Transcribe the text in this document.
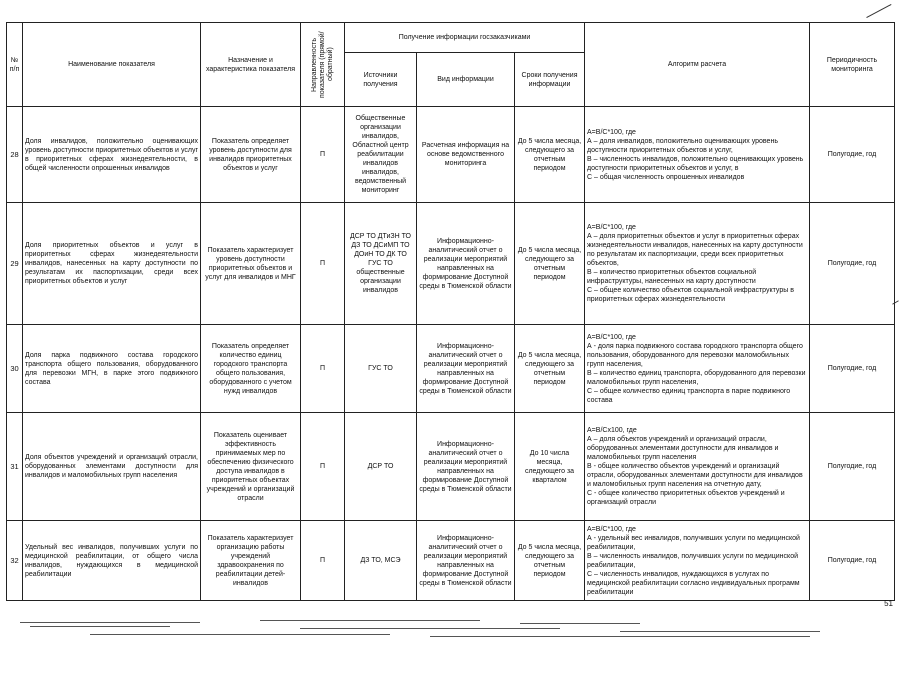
№ п/п	Наименование показателя	Назначение и характеристика показателя	Направленность показателя (прямой/обратный)	Получение информации госзаказчиками			Алгоритм расчета	Периодичность мониторинга
				Источники получения	Вид информации	Сроки получения информации		
28	Доля инвалидов, положительно оценивающих уровень доступности приоритетных объектов и услуг в приоритетных сферах жизнедеятельности, в общей численности опрошенных инвалидов	Показатель определяет уровень доступности для инвалидов приоритетных объектов и услуг	П	Общественные организации инвалидов, Областной центр реабилитации инвалидов инвалидов, ведомственный мониторинг	Расчетная информация на основе ведомственного мониторинга	До 5 числа месяца, следующего за отчетным периодом	А=В/С*100, где
А – доля инвалидов, положительно оценивающих уровень доступности приоритетных объектов и услуг,
В – численность инвалидов, положительно оценивающих уровень доступности приоритетных объектов и услуг, в
С – общая численность опрошенных инвалидов	Полугодие, год
29	Доля приоритетных объектов и услуг в приоритетных сферах жизнедеятельности инвалидов, нанесенных на карту доступности по результатам их паспортизации, среди всех приоритетных объектов и услуг	Показатель характеризует уровень доступности приоритетных объектов и услуг для инвалидов и МНГ	П	ДСР ТО ДТиЗН ТО ДЗ ТО ДСиМП ТО ДОиН ТО ДК ТО ГУС ТО общественные организации инвалидов	Информационно-аналитический отчет о реализации мероприятий направленных на формирование Доступной среды в Тюменской области	До 5 числа месяца, следующего за отчетным периодом	А=В/С*100, где
А – доля приоритетных объектов и услуг в приоритетных сферах жизнедеятельности инвалидов, нанесенных на карту доступности по результатам их паспортизации, среди всех приоритетных объектов,
В – количество приоритетных объектов социальной инфраструктуры, нанесенных на карту доступности
С – общее количество объектов социальной инфраструктуры в приоритетных сферах жизнедеятельности	Полугодие, год
30	Доля парка подвижного состава городского транспорта общего пользования, оборудованного для перевозки МГН, в парке этого подвижного состава	Показатель определяет количество единиц городского транспорта общего пользования, оборудованного с учетом нужд инвалидов	П	ГУС ТО	Информационно-аналитический отчет о реализации мероприятий направленных на формирование Доступной среды в Тюменской области	До 5 числа месяца, следующего за отчетным периодом	А=В/С*100, где
А - доля парка подвижного состава городского транспорта общего пользования, оборудованного для перевозки маломобильных групп населения,
В – количество единиц транспорта, оборудованного для перевозки маломобильных групп населения,
С – общее количество единиц транспорта в парке подвижного состава	Полугодие, год
31	Доля объектов учреждений и организаций отрасли, оборудованных элементами доступности для инвалидов и маломобильных групп населения	Показатель оценивает эффективность принимаемых мер по обеспечению физического доступа инвалидов в приоритетных объектах учреждений и организаций отрасли	П	ДСР ТО	Информационно-аналитический отчет о реализации мероприятий направленных на формирование Доступной среды в Тюменской области	До 10 числа месяца, следующего за кварталом	А=В/Сх100, где
А – доля объектов учреждений и организаций отрасли, оборудованных элементами доступности для инвалидов и маломобильных групп населения
В - общее количество объектов учреждений и организаций отрасли, оборудованных элементами доступности для инвалидов и маломобильных групп населения на отчетную дату,
С - общее количество приоритетных объектов учреждений и организаций отрасли	Полугодие, год
32	Удельный вес инвалидов, получивших услуги по медицинской реабилитации, от общего числа инвалидов, нуждающихся в медицинской реабилитации	Показатель характеризует организацию работы учреждений здравоохранения по реабилитации детей-инвалидов	П	ДЗ ТО, МСЭ	Информационно-аналитический отчет о реализации мероприятий направленных на формирование Доступной среды в Тюменской области	До 5 числа месяца, следующего за отчетным периодом	А=В/С*100, где
А - удельный вес инвалидов, получивших услуги по медицинской реабилитации,
В – численность инвалидов, получивших услуги по медицинской реабилитации,
С – численность инвалидов, нуждающихся в услугах по медицинской реабилитации согласно индивидуальных программ реабилитации	Полугодие, год
51
